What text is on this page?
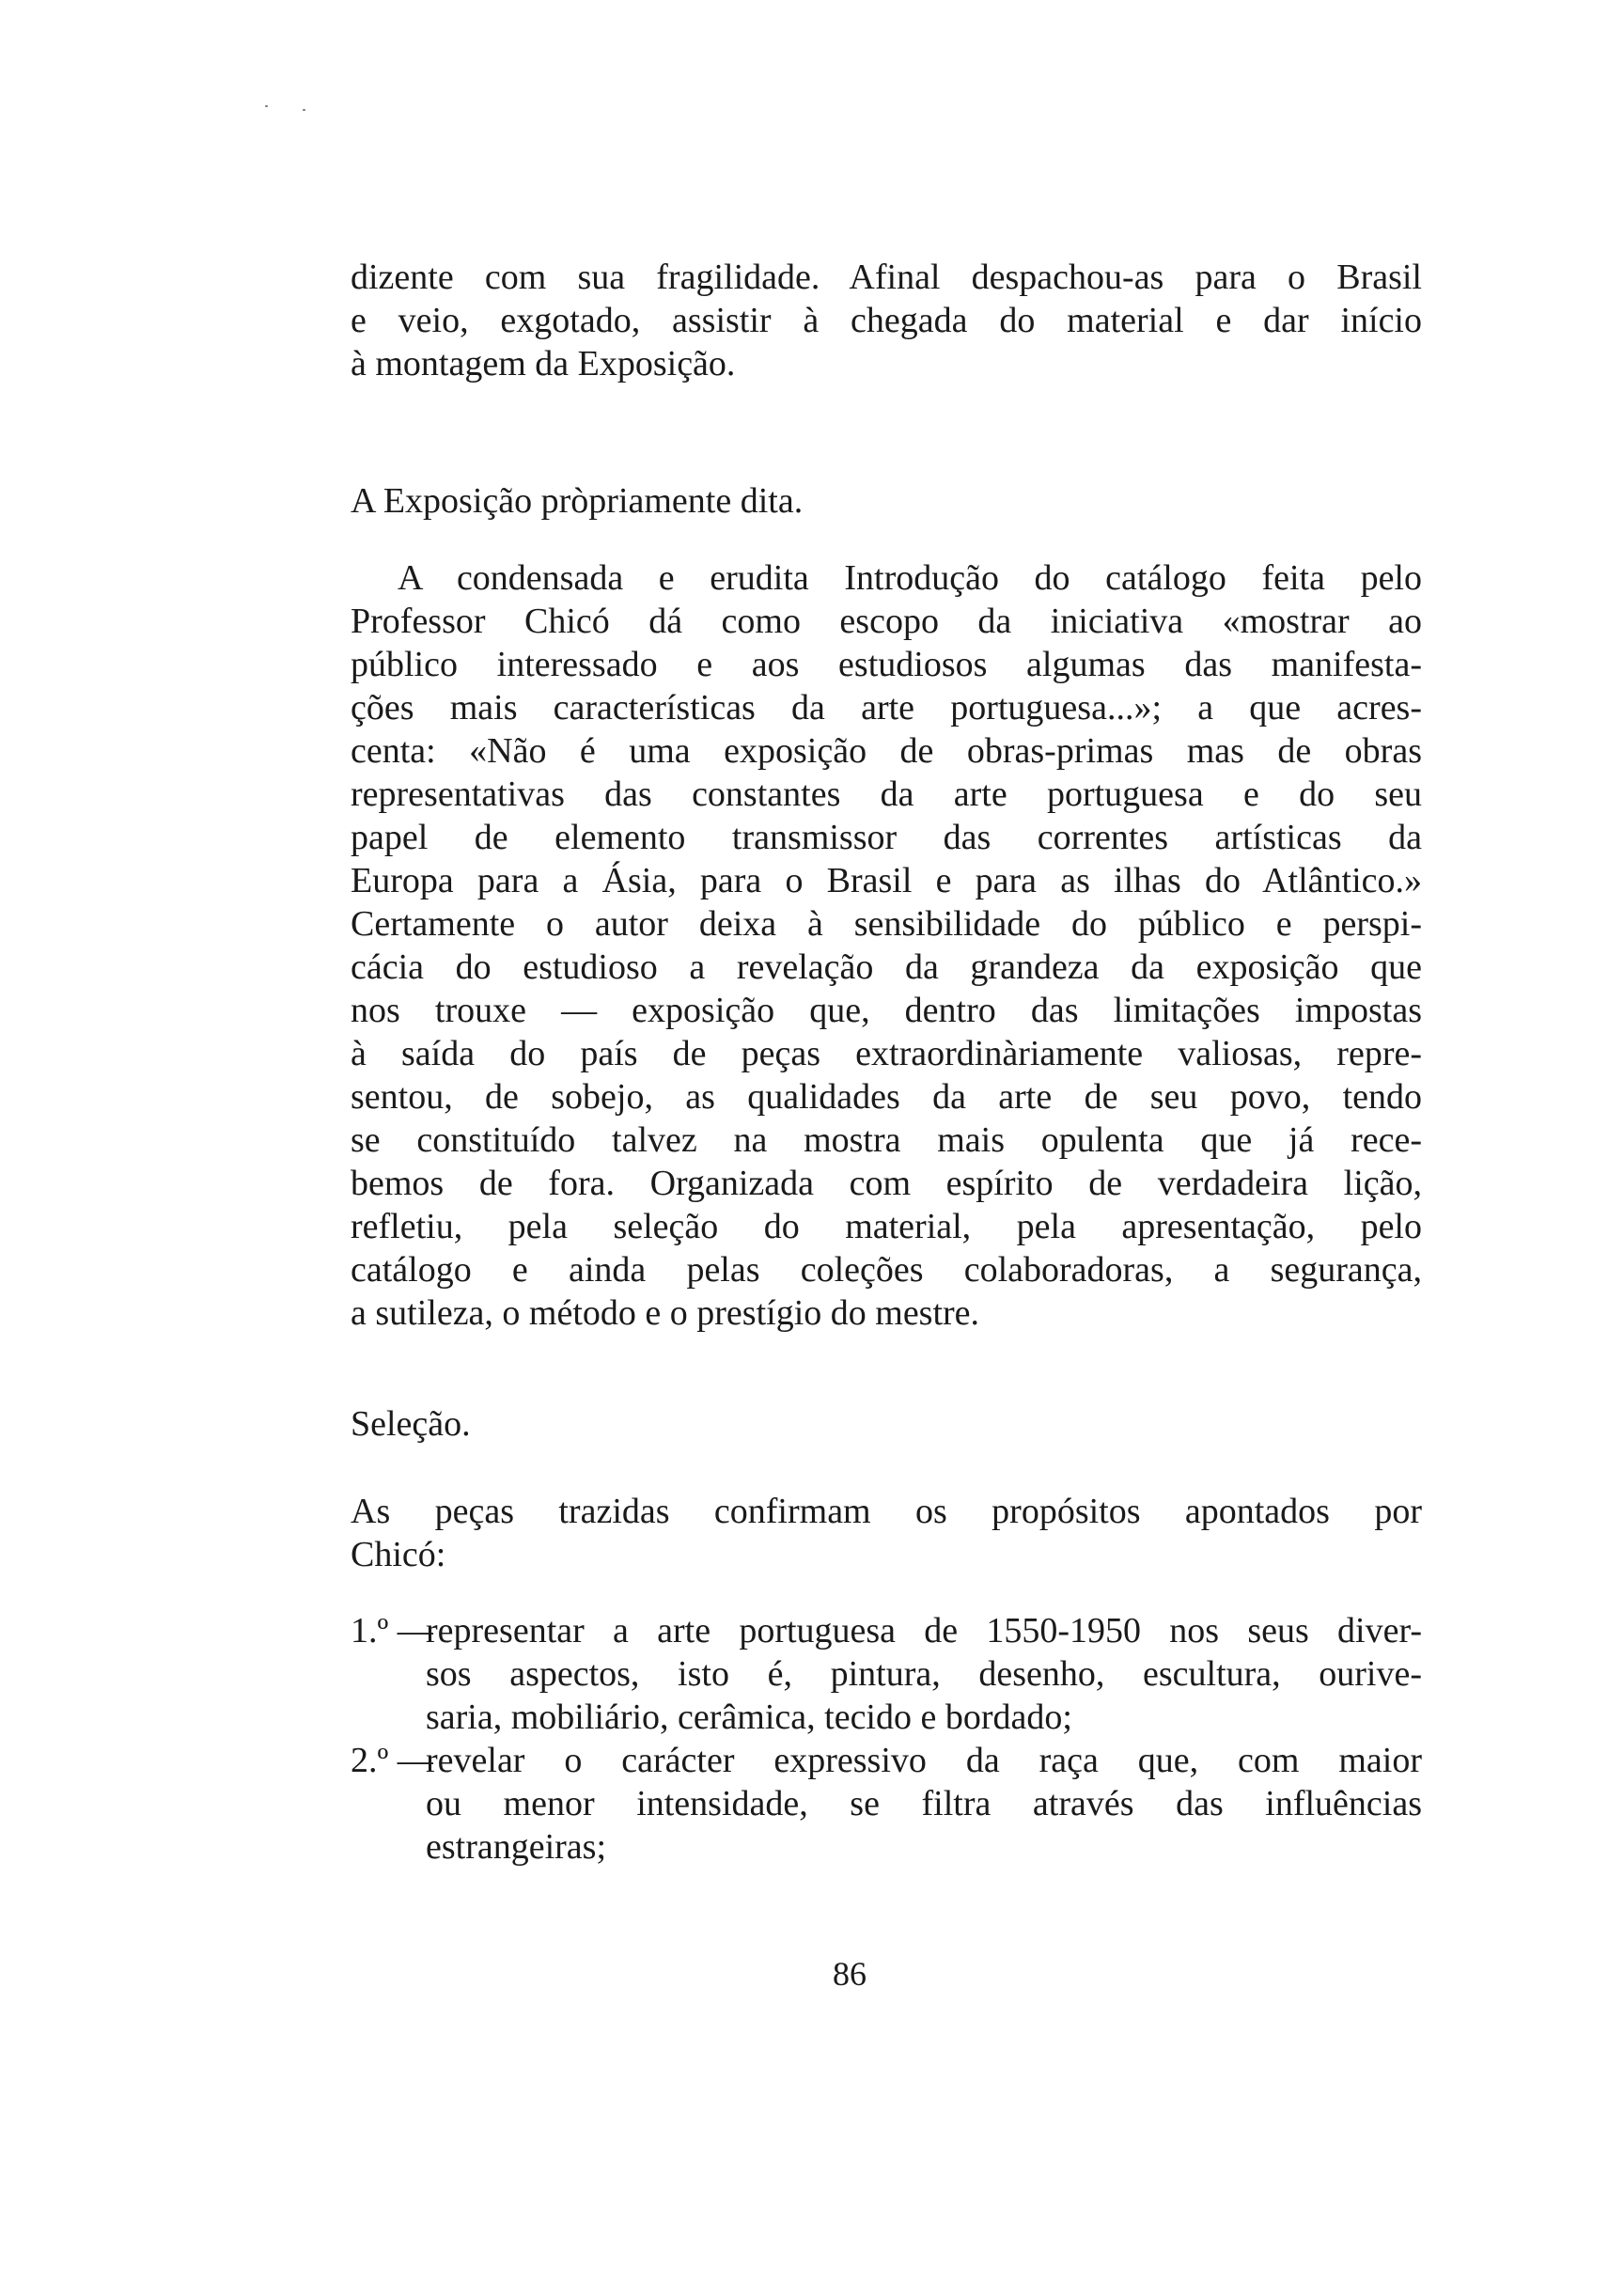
dizente com sua fragilidade. Afinal despachou-as para o Brasil
e veio, exgotado, assistir à chegada do material e dar início
à montagem da Exposição.
A Exposição pròpriamente dita.
A condensada e erudita Introdução do catálogo feita pelo
Professor Chicó dá como escopo da iniciativa «mostrar ao
público interessado e aos estudiosos algumas das manifesta-
ções mais características da arte portuguesa...»; a que acres-
centa: «Não é uma exposição de obras-primas mas de obras
representativas das constantes da arte portuguesa e do seu
papel de elemento transmissor das correntes artísticas da
Europa para a Ásia, para o Brasil e para as ilhas do Atlântico.»
Certamente o autor deixa à sensibilidade do público e perspi-
cácia do estudioso a revelação da grandeza da exposição que
nos trouxe — exposição que, dentro das limitações impostas
à saída do país de peças extraordinàriamente valiosas, repre-
sentou, de sobejo, as qualidades da arte de seu povo, tendo
se constituído talvez na mostra mais opulenta que já rece-
bemos de fora. Organizada com espírito de verdadeira lição,
refletiu, pela seleção do material, pela apresentação, pelo
catálogo e ainda pelas coleções colaboradoras, a segurança,
a sutileza, o método e o prestígio do mestre.
Seleção.
As peças trazidas confirmam os propósitos apontados por
Chicó:
1.º —
representar a arte portuguesa de 1550-1950 nos seus diver-
sos aspectos, isto é, pintura, desenho, escultura, ourive-
saria, mobiliário, cerâmica, tecido e bordado;
2.º —
revelar o carácter expressivo da raça que, com maior
ou menor intensidade, se filtra através das influências
estrangeiras;
86
